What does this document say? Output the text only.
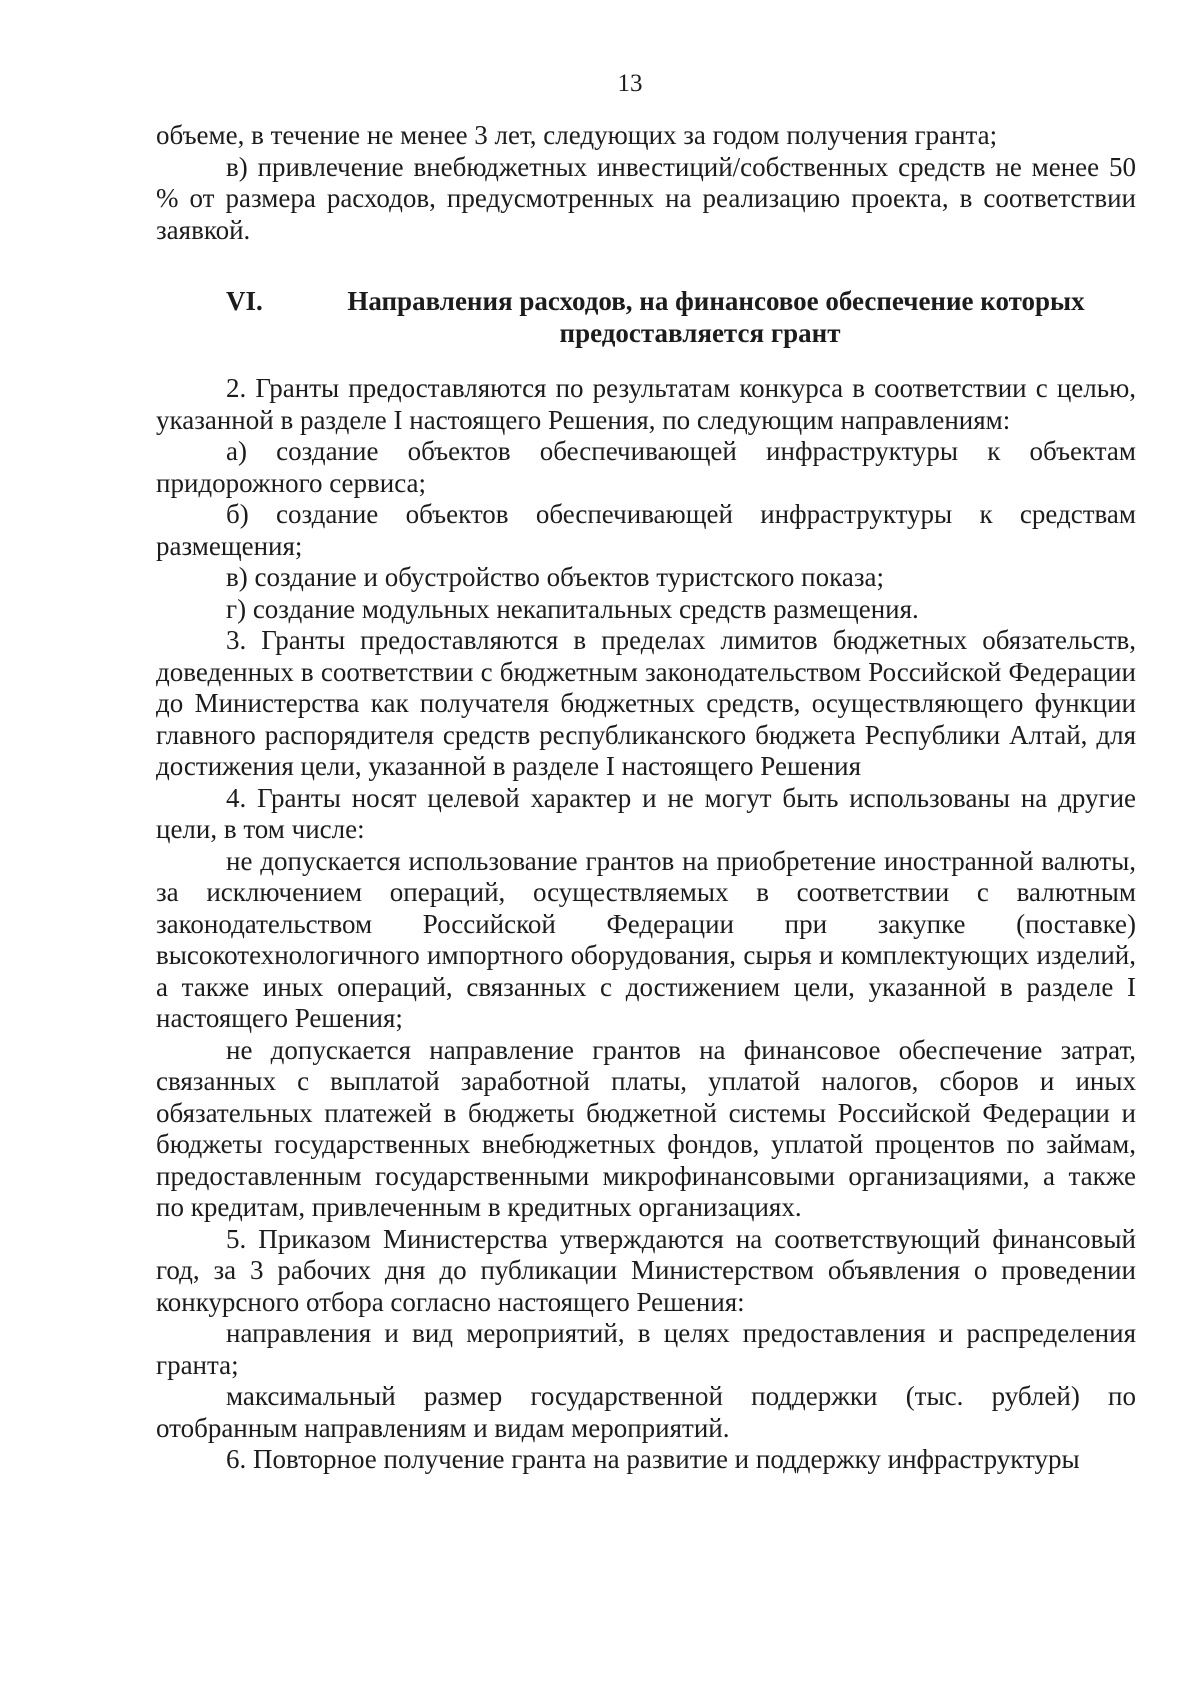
13

объеме, в течение не менее 3 лет, следующих за годом получения гранта;

в) привлечение внебюджетных инвестиций/собственных средств не менее 50 % от размера расходов, предусмотренных на реализацию проекта, в соответствии заявкой.

VI.	Направления расходов, на финансовое обеспечение которых
предоставляется грант

2. Гранты предоставляются по результатам конкурса в соответствии с целью, указанной в разделе I настоящего Решения, по следующим направлениям:

а) создание объектов обеспечивающей инфраструктуры к объектам придорожного сервиса;

б) создание объектов обеспечивающей инфраструктуры к средствам размещения;

в) создание и обустройство объектов туристского показа;

г) создание модульных некапитальных средств размещения.

3. Гранты предоставляются в пределах лимитов бюджетных обязательств, доведенных в соответствии с бюджетным законодательством Российской Федерации до Министерства как получателя бюджетных средств, осуществляющего функции главного распорядителя средств республиканского бюджета Республики Алтай, для достижения цели, указанной в разделе I настоящего Решения

4. Гранты носят целевой характер и не могут быть использованы на другие цели, в том числе:

не допускается использование грантов на приобретение иностранной валюты, за исключением операций, осуществляемых в соответствии с валютным законодательством Российской Федерации при закупке (поставке) высокотехнологичного импортного оборудования, сырья и комплектующих изделий, а также иных операций, связанных с достижением цели, указанной в разделе I настоящего Решения;

не допускается направление грантов на финансовое обеспечение затрат, связанных с выплатой заработной платы, уплатой налогов, сборов и иных обязательных платежей в бюджеты бюджетной системы Российской Федерации и бюджеты государственных внебюджетных фондов, уплатой процентов по займам, предоставленным государственными микрофинансовыми организациями, а также по кредитам, привлеченным в кредитных организациях.

5. Приказом Министерства утверждаются на соответствующий финансовый год, за 3 рабочих дня до публикации Министерством объявления о проведении конкурсного отбора согласно настоящего Решения:

направления и вид мероприятий, в целях предоставления и распределения гранта;

максимальный размер государственной поддержки (тыс. рублей) по отобранным направлениям и видам мероприятий.

6. Повторное получение гранта на развитие и поддержку инфраструктуры
